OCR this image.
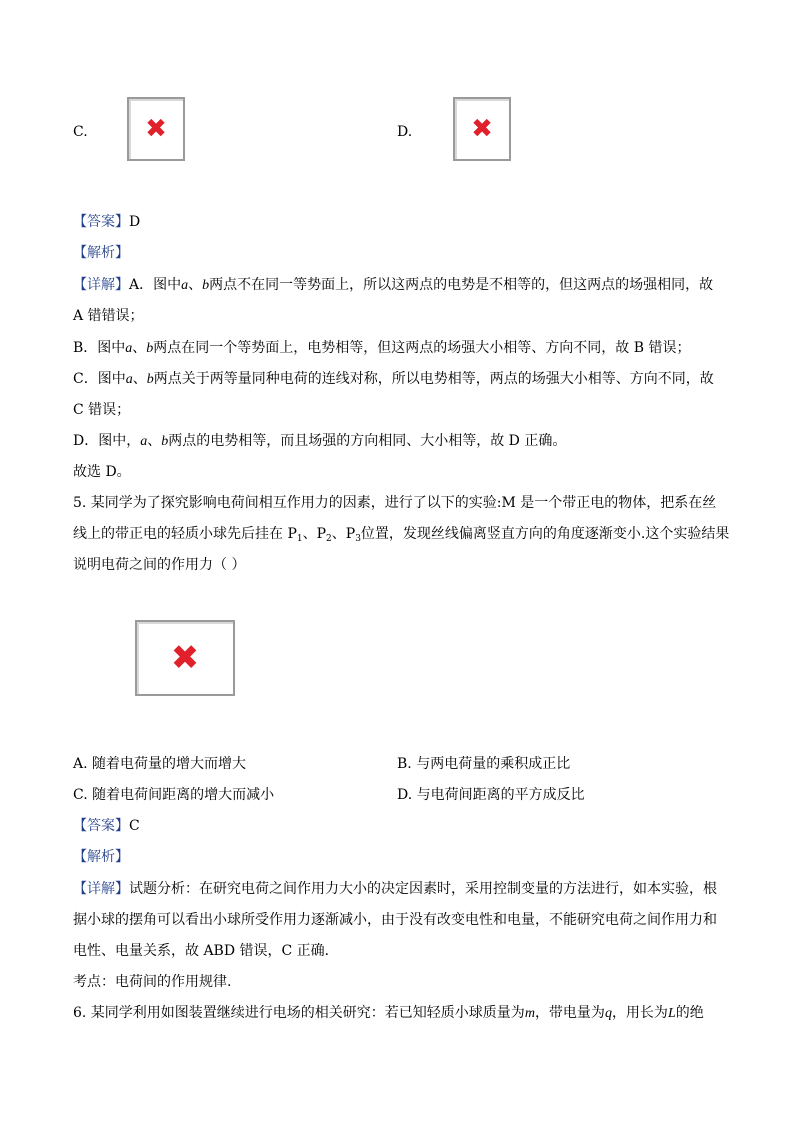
C. ✖	D. ✖
【答案】D
【解析】
【详解】A．图中a、b两点不在同一等势面上，所以这两点的电势是不相等的，但这两点的场强相同，故
A 错错误；
B．图中a、b两点在同一个等势面上，电势相等，但这两点的场强大小相等、方向不同，故 B 错误；
C．图中a、b两点关于两等量同种电荷的连线对称，所以电势相等，两点的场强大小相等、方向不同，故
C 错误；
D．图中，a、b两点的电势相等，而且场强的方向相同、大小相等，故 D 正确。
故选 D。
5. 某同学为了探究影响电荷间相互作用力的因素，进行了以下的实验:M 是一个带正电的物体，把系在丝
线上的带正电的轻质小球先后挂在 $P_1$、$P_2$、$P_3$位置，发现丝线偏离竖直方向的角度逐渐变小.这个实验结果
说明电荷之间的作用力（ ）
✖
A. 随着电荷量的增大而增大	B. 与两电荷量的乘积成正比
C. 随着电荷间距离的增大而减小	D. 与电荷间距离的平方成反比
【答案】C
【解析】
【详解】试题分析：在研究电荷之间作用力大小的决定因素时，采用控制变量的方法进行，如本实验，根
据小球的摆角可以看出小球所受作用力逐渐减小，由于没有改变电性和电量，不能研究电荷之间作用力和
电性、电量关系，故 ABD 错误，C 正确．
考点：电荷间的作用规律.
6. 某同学利用如图装置继续进行电场的相关研究：若已知轻质小球质量为m，带电量为q，用长为L的绝
